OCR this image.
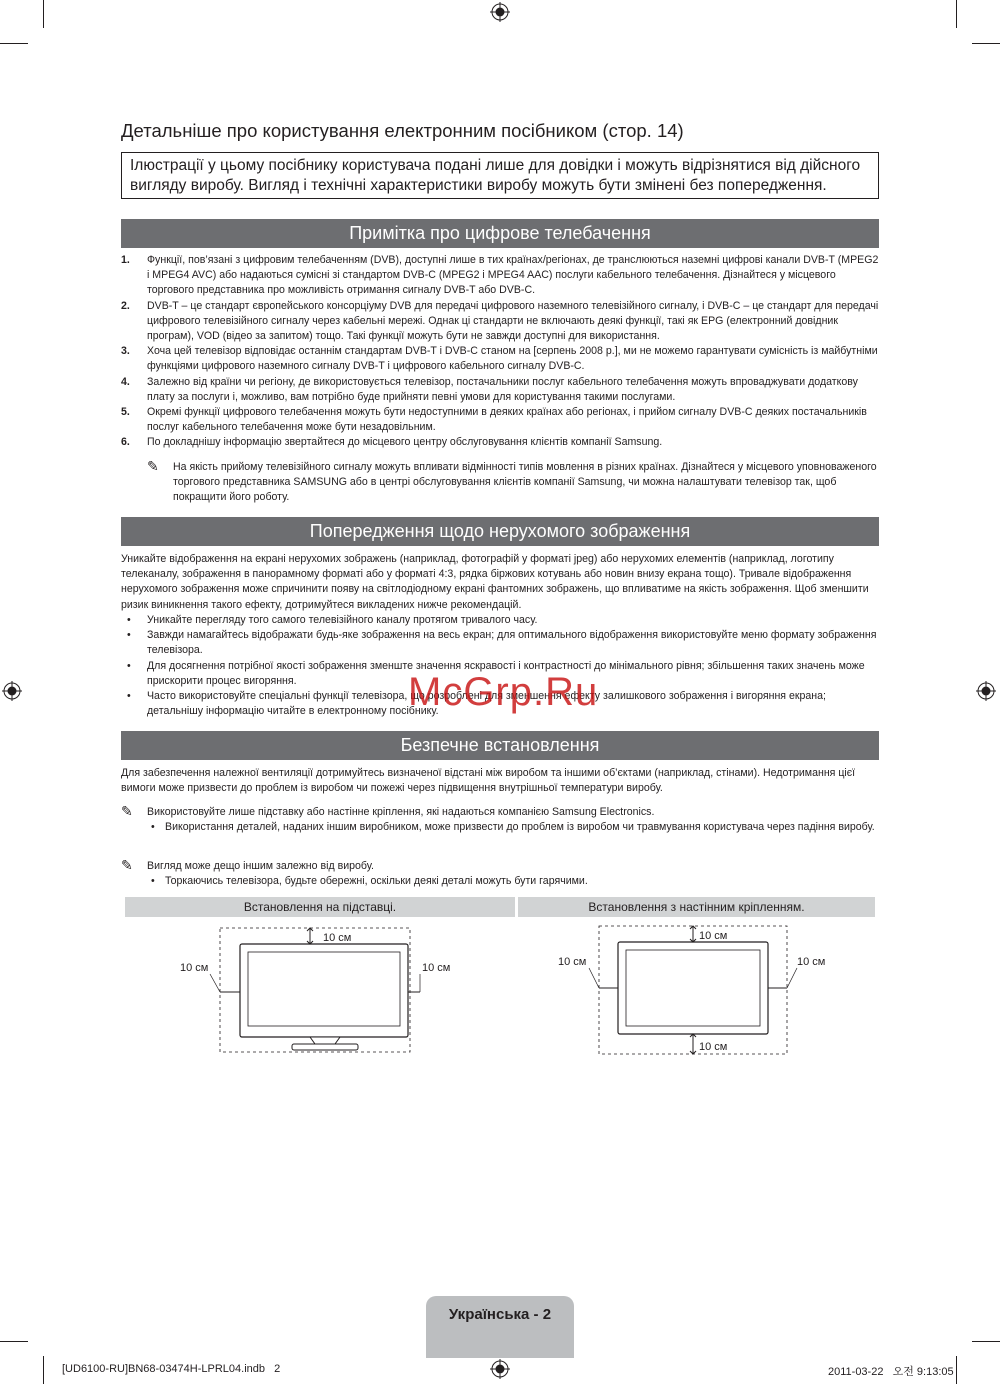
Детальніше про користування електронним посібником (стор. 14)
Ілюстрації у цьому посібнику користувача подані лише для довідки і можуть відрізнятися від дійсного вигляду виробу. Вигляд і технічні характеристики виробу можуть бути змінені без попередження.
Примітка про цифрове телебачення
1. Функції, пов’язані з цифровим телебаченням (DVB), доступні лише в тих країнах/регіонах, де транслюються наземні цифрові канали DVB-T (MPEG2 і MPEG4 AVC) або надаються сумісні зі стандартом DVB-C (MPEG2 і MPEG4 AAC) послуги кабельного телебачення. Дізнайтеся у місцевого торгового представника про можливість отримання сигналу DVB-T або DVB-C.
2. DVB-T – це стандарт європейського консорціуму DVB для передачі цифрового наземного телевізійного сигналу, і DVB-C – це стандарт для передачі цифрового телевізійного сигналу через кабельні мережі. Однак ці стандарти не включають деякі функції, такі як EPG (електронний довідник програм), VOD (відео за запитом) тощо. Такі функції можуть бути не завжди доступні для використання.
3. Хоча цей телевізор відповідає останнім стандартам DVB-T і DVB-C станом на [серпень 2008 р.], ми не можемо гарантувати сумісність із майбутніми функціями цифрового наземного сигналу DVB-T і цифрового кабельного сигналу DVB-C.
4. Залежно від країни чи регіону, де використовується телевізор, постачальники послуг кабельного телебачення можуть впроваджувати додаткову плату за послуги і, можливо, вам потрібно буде прийняти певні умови для користування такими послугами.
5. Окремі функції цифрового телебачення можуть бути недоступними в деяких країнах або регіонах, і прийом сигналу DVB-C деяких постачальників послуг кабельного телебачення може бути незадовільним.
6. По докладнішу інформацію звертайтеся до місцевого центру обслуговування клієнтів компанії Samsung.
✎ На якість прийому телевізійного сигналу можуть впливати відмінності типів мовлення в різних країнах. Дізнайтеся у місцевого уповноваженого торгового представника SAMSUNG або в центрі обслуговування клієнтів компанії Samsung, чи можна налаштувати телевізор так, щоб покращити його роботу.
Попередження щодо нерухомого зображення
Уникайте відображення на екрані нерухомих зображень (наприклад, фотографій у форматі jpeg) або нерухомих елементів (наприклад, логотипу телеканалу, зображення в панорамному форматі або у форматі 4:3, рядка біржових котувань або новин внизу екрана тощо). Тривале відображення нерухомого зображення може спричинити появу на світлодіодному екрані фантомних зображень, що впливатиме на якість зображення. Щоб зменшити ризик виникнення такого ефекту, дотримуйтеся викладених нижче рекомендацій.
• Уникайте перегляду того самого телевізійного каналу протягом тривалого часу.
• Завжди намагайтесь відображати будь-яке зображення на весь екран; для оптимального відображення використовуйте меню формату зображення телевізора.
• Для досягнення потрібної якості зображення зменште значення яскравості і контрастності до мінімального рівня; збільшення таких значень може прискорити процес вигоряння.
• Часто використовуйте спеціальні функції телевізора, що розроблені для зменшення ефекту залишкового зображення і вигоряння екрана; детальнішу інформацію читайте в електронному посібнику.
McGrp.Ru
Безпечне встановлення
Для забезпечення належної вентиляції дотримуйтесь визначеної відстані між виробом та іншими об’єктами (наприклад, стінами). Недотримання цієї вимоги може призвести до проблем із виробом чи пожежі через підвищення внутрішньої температури виробу.
✎ Використовуйте лише підставку або настінне кріплення, які надаються компанією Samsung Electronics.
• Використання деталей, наданих іншим виробником, може призвести до проблем із виробом чи травмування користувача через падіння виробу.
✎ Вигляд може дещо іншим залежно від виробу.
• Торкаючись телевізора, будьте обережні, оскільки деякі деталі можуть бути гарячими.
Встановлення на підставці.	Встановлення з настінним кріпленням.
10 см
10 см	10 см
10 см
10 см	10 см
10 см
Українська - 2
[UD6100-RU]BN68-03474H-LPRL04.indb   2	2011-03-22   오전 9:13:05
